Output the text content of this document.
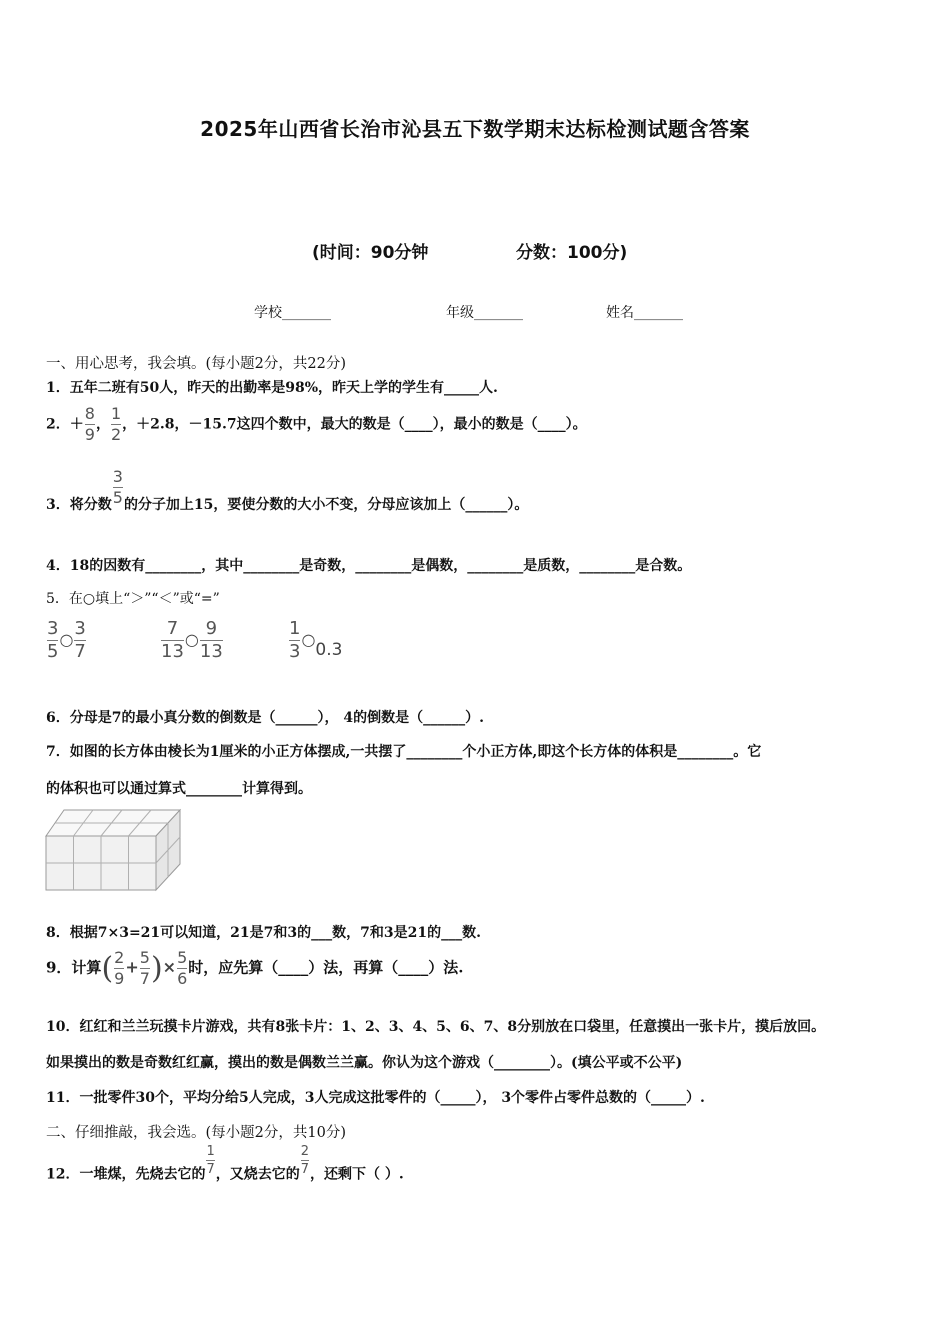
2025年山西省长治市沁县五下数学期末达标检测试题含答案
(时间：90分钟	分数：100分)
学校_______	年级_______	姓名_______
一、用心思考，我会填。(每小题2分，共22分)
1．五年二班有50人，昨天的出勤率是98%，昨天上学的学生有_____人.
2．＋ $\frac{8}{9}$ ， $\frac{1}{2}$ ，＋2.8，－15.7这四个数中，最大的数是（____），最小的数是（____）。
3．将分数 $\frac{3}{5}$ 的分子加上15，要使分数的大小不变，分母应该加上（______）。
4．18的因数有________，其中________是奇数，________是偶数，________是质数，________是合数。
5．在○填上“＞”“＜”或“=”
$\frac{3}{5}$ ○ $\frac{3}{7}$	$\frac{7}{13}$ ○ $\frac{9}{13}$	$\frac{1}{3}$ ○0.3
6．分母是7的最小真分数的倒数是（______）， 4的倒数是（______）.
7．如图的长方体由棱长为1厘米的小正方体摆成,一共摆了________个小正方体,即这个长方体的体积是________。它
的体积也可以通过算式________计算得到。
8．根据7×3=21可以知道，21是7和3的___数，7和3是21的___数.
9．计算( $\frac{2}{9} + \frac{5}{7}$ )× $\frac{5}{6}$ 时，应先算（____）法，再算（____）法.
10．红红和兰兰玩摸卡片游戏，共有8张卡片：1、2、3、4、5、6、7、8分别放在口袋里，任意摸出一张卡片，摸后放回。
如果摸出的数是奇数红红赢，摸出的数是偶数兰兰赢。你认为这个游戏（________）。(填公平或不公平)
11．一批零件30个，平均分给5人完成，3人完成这批零件的（_____）， 3个零件占零件总数的（_____）.
二、仔细推敲，我会选。(每小题2分，共10分)
12．一堆煤，先烧去它的 $\frac{1}{7}$ ，又烧去它的 $\frac{2}{7}$ ，还剩下（ ）.
